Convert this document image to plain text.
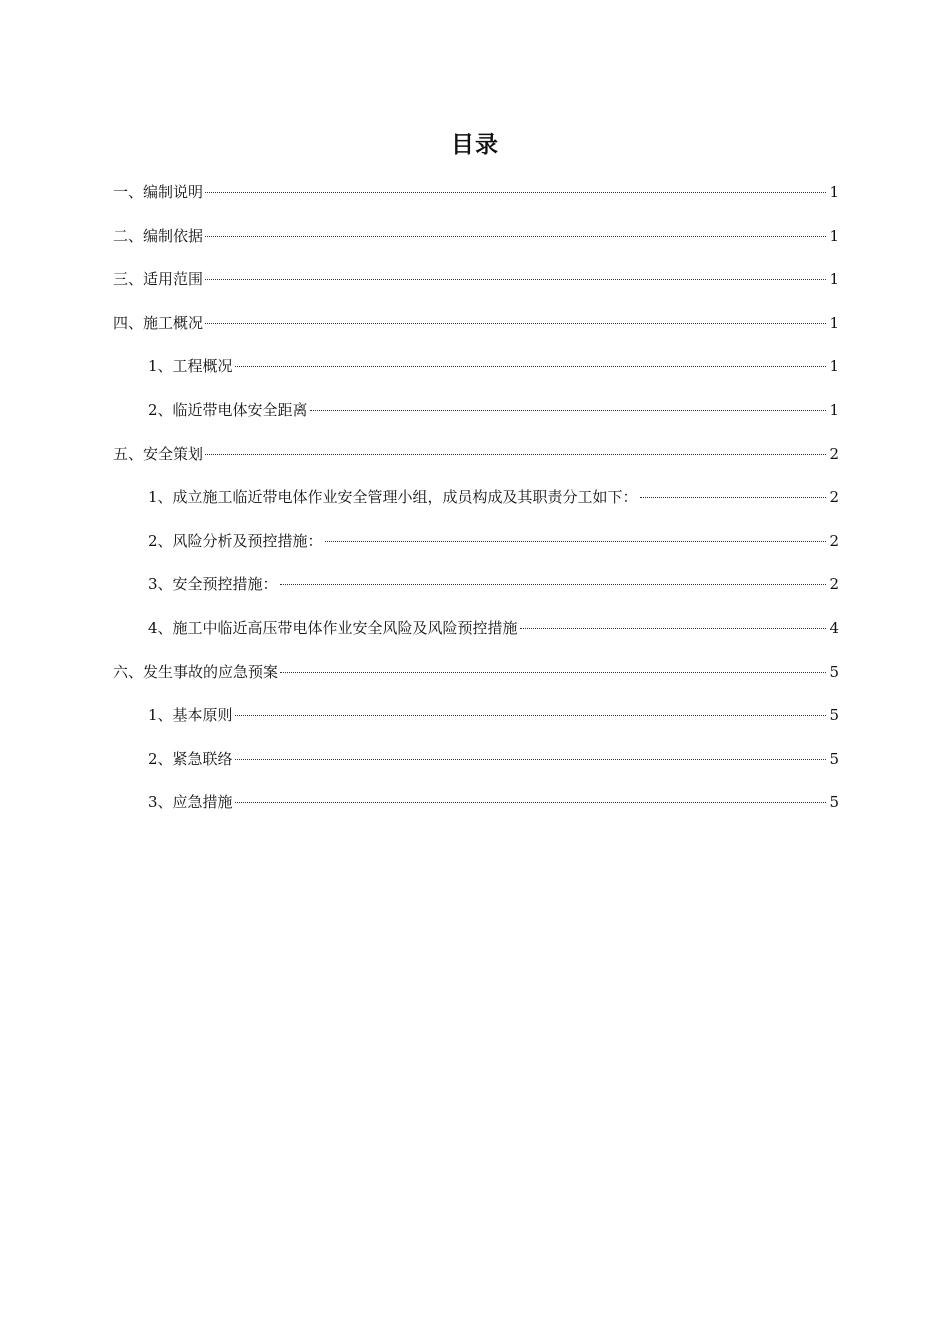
目录
一、编制说明	1
二、编制依据	1
三、适用范围	1
四、施工概况	1
1、工程概况	1
2、临近带电体安全距离	1
五、安全策划	2
1、成立施工临近带电体作业安全管理小组，成员构成及其职责分工如下：	2
2、风险分析及预控措施：	2
3、安全预控措施：	2
4、施工中临近高压带电体作业安全风险及风险预控措施	4
六、发生事故的应急预案	5
1、基本原则	5
2、紧急联络	5
3、应急措施	5
